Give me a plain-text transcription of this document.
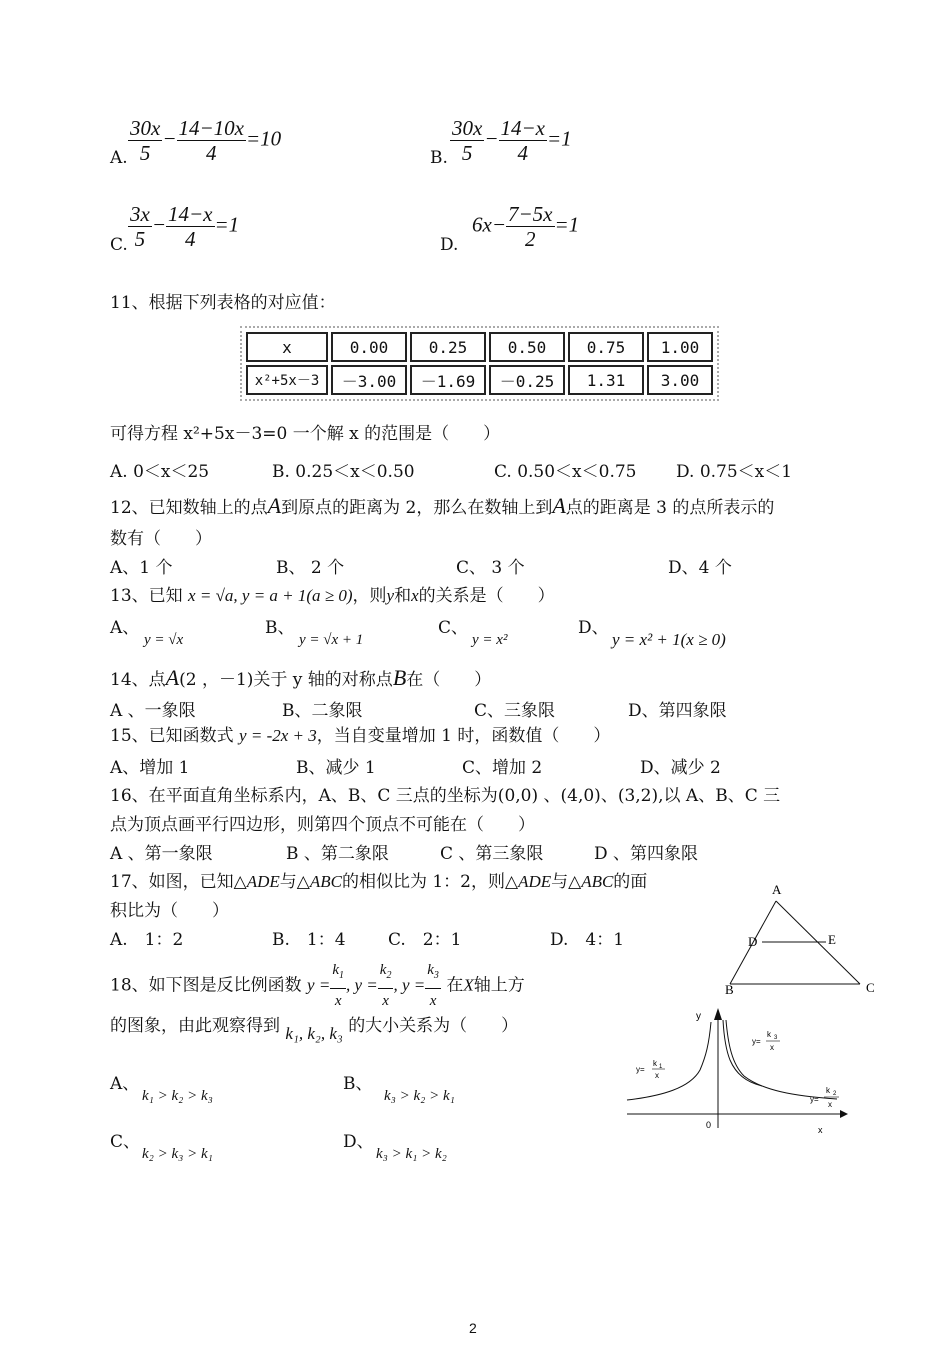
A. $\frac{30x}{5} - \frac{14-10x}{4} =10$
B. $\frac{30x}{5} - \frac{14-x}{4} =1$
C. $\frac{3x}{5} - \frac{14-x}{4} =1$
D.
$6x- \frac{7-5x}{2} =1$
11、根据下列表格的对应值：
x	0.00	0.25	0.50	0.75	1.00
x²+5x－3	－3.00	－1.69	－0.25	1.31	3.00
可得方程 x²+5x－3=0 一个解 x 的范围是（　　）
A. 0＜x＜25	B. 0.25＜x＜0.50	C. 0.50＜x＜0.75 D. 0.75＜x＜1
12、已知数轴上的点A到原点的距离为 2，那么在数轴上到A点的距离是 3 的点所表示的
数有（　　）
A、1 个	B、 2 个	C、 3 个	D、4 个
13、已知 x = √a, y = a + 1(a ≥ 0)，则y和x的关系是（　　）
A、
y = √x
B、
y = √x + 1
C、
y = x²
D、
y = x² + 1(x ≥ 0)
14、点A(2 ，－1)关于 y 轴的对称点B在（　　）
A 、一象限	B、二象限	C、三象限	D、第四象限
15、已知函数式 y = -2x + 3，当自变量增加 1 时，函数值（　　）
A、增加 1	B、减少 1	C、增加 2	D、减少 2
16、在平面直角坐标系内，A、B、C 三点的坐标为(0,0) 、(4,0)、(3,2),以 A、B、C 三
点为顶点画平行四边形，则第四个顶点不可能在（　　）
A 、第一象限	B 、第二象限	C 、第三象限	D 、第四象限
17、如图，已知△ADE与△ABC的相似比为 1：2，则△ADE与△ABC的面
积比为（　　）
A.　1：2	B.　1：4 C.　2：1	D.　4：1
A
D	E
B	C
18、如下图是反比例函数 $y = \frac{k_1}{x}$ , $y = \frac{k_2}{x}$ , $y = \frac{k_3}{x}$ 在X轴上方
的图象，由此观察得到 k₁, k₂, k₃ 的大小关系为（　　）
A、
k₁ > k₂ > k₃
B、
k₃ > k₂ > k₁
C、
k₂ > k₃ > k₁
D、
k₃ > k₁ > k₂
y
x
0
y=
k 1
x
y=
k 3
x
y=
k 2
x
2
